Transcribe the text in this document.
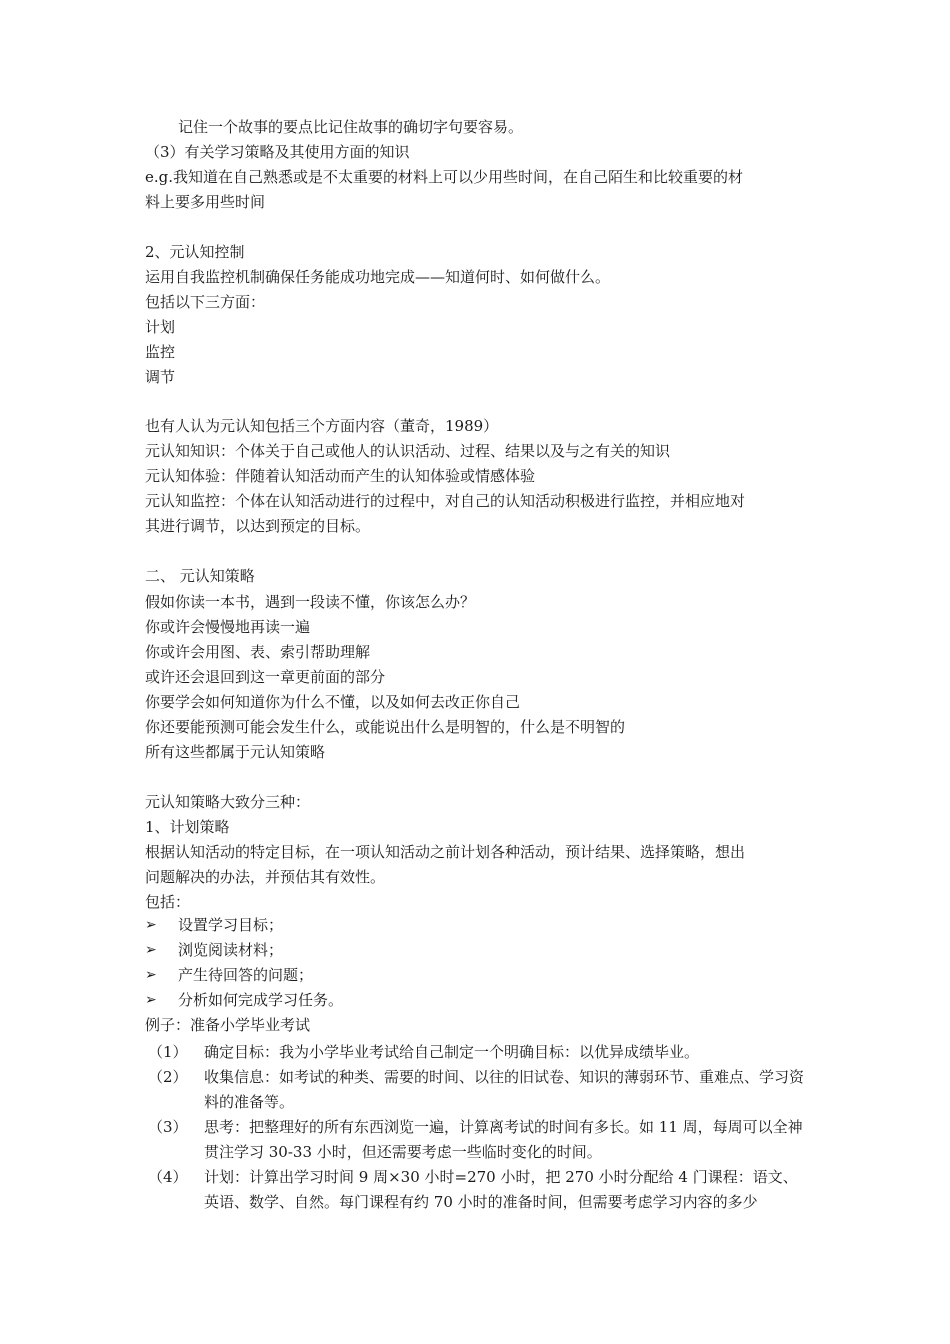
记住一个故事的要点比记住故事的确切字句要容易。
（3）有关学习策略及其使用方面的知识
e.g.我知道在自己熟悉或是不太重要的材料上可以少用些时间，在自己陌生和比较重要的材
料上要多用些时间
2、元认知控制
运用自我监控机制确保任务能成功地完成——知道何时、如何做什么。
包括以下三方面：
计划
监控
调节
也有人认为元认知包括三个方面内容（董奇，1989）
元认知知识：个体关于自己或他人的认识活动、过程、结果以及与之有关的知识
元认知体验：伴随着认知活动而产生的认知体验或情感体验
元认知监控：个体在认知活动进行的过程中，对自己的认知活动积极进行监控，并相应地对
其进行调节，以达到预定的目标。
二、 元认知策略
假如你读一本书，遇到一段读不懂，你该怎么办？
你或许会慢慢地再读一遍
你或许会用图、表、索引帮助理解
或许还会退回到这一章更前面的部分
你要学会如何知道你为什么不懂，以及如何去改正你自己
你还要能预测可能会发生什么，或能说出什么是明智的，什么是不明智的
所有这些都属于元认知策略
元认知策略大致分三种：
1、计划策略
根据认知活动的特定目标，在一项认知活动之前计划各种活动，预计结果、选择策略，想出
问题解决的办法，并预估其有效性。
包括：
➢ 设置学习目标；
➢ 浏览阅读材料；
➢ 产生待回答的问题；
➢ 分析如何完成学习任务。
例子：准备小学毕业考试
（1） 确定目标：我为小学毕业考试给自己制定一个明确目标：以优异成绩毕业。
（2） 收集信息：如考试的种类、需要的时间、以往的旧试卷、知识的薄弱环节、重难点、学习资料的准备等。
（3） 思考：把整理好的所有东西浏览一遍，计算离考试的时间有多长。如 11 周，每周可以全神贯注学习 30-33 小时，但还需要考虑一些临时变化的时间。
（4） 计划：计算出学习时间 9 周×30 小时=270 小时，把 270 小时分配给 4 门课程：语文、英语、数学、自然。每门课程有约 70 小时的准备时间，但需要考虑学习内容的多少
